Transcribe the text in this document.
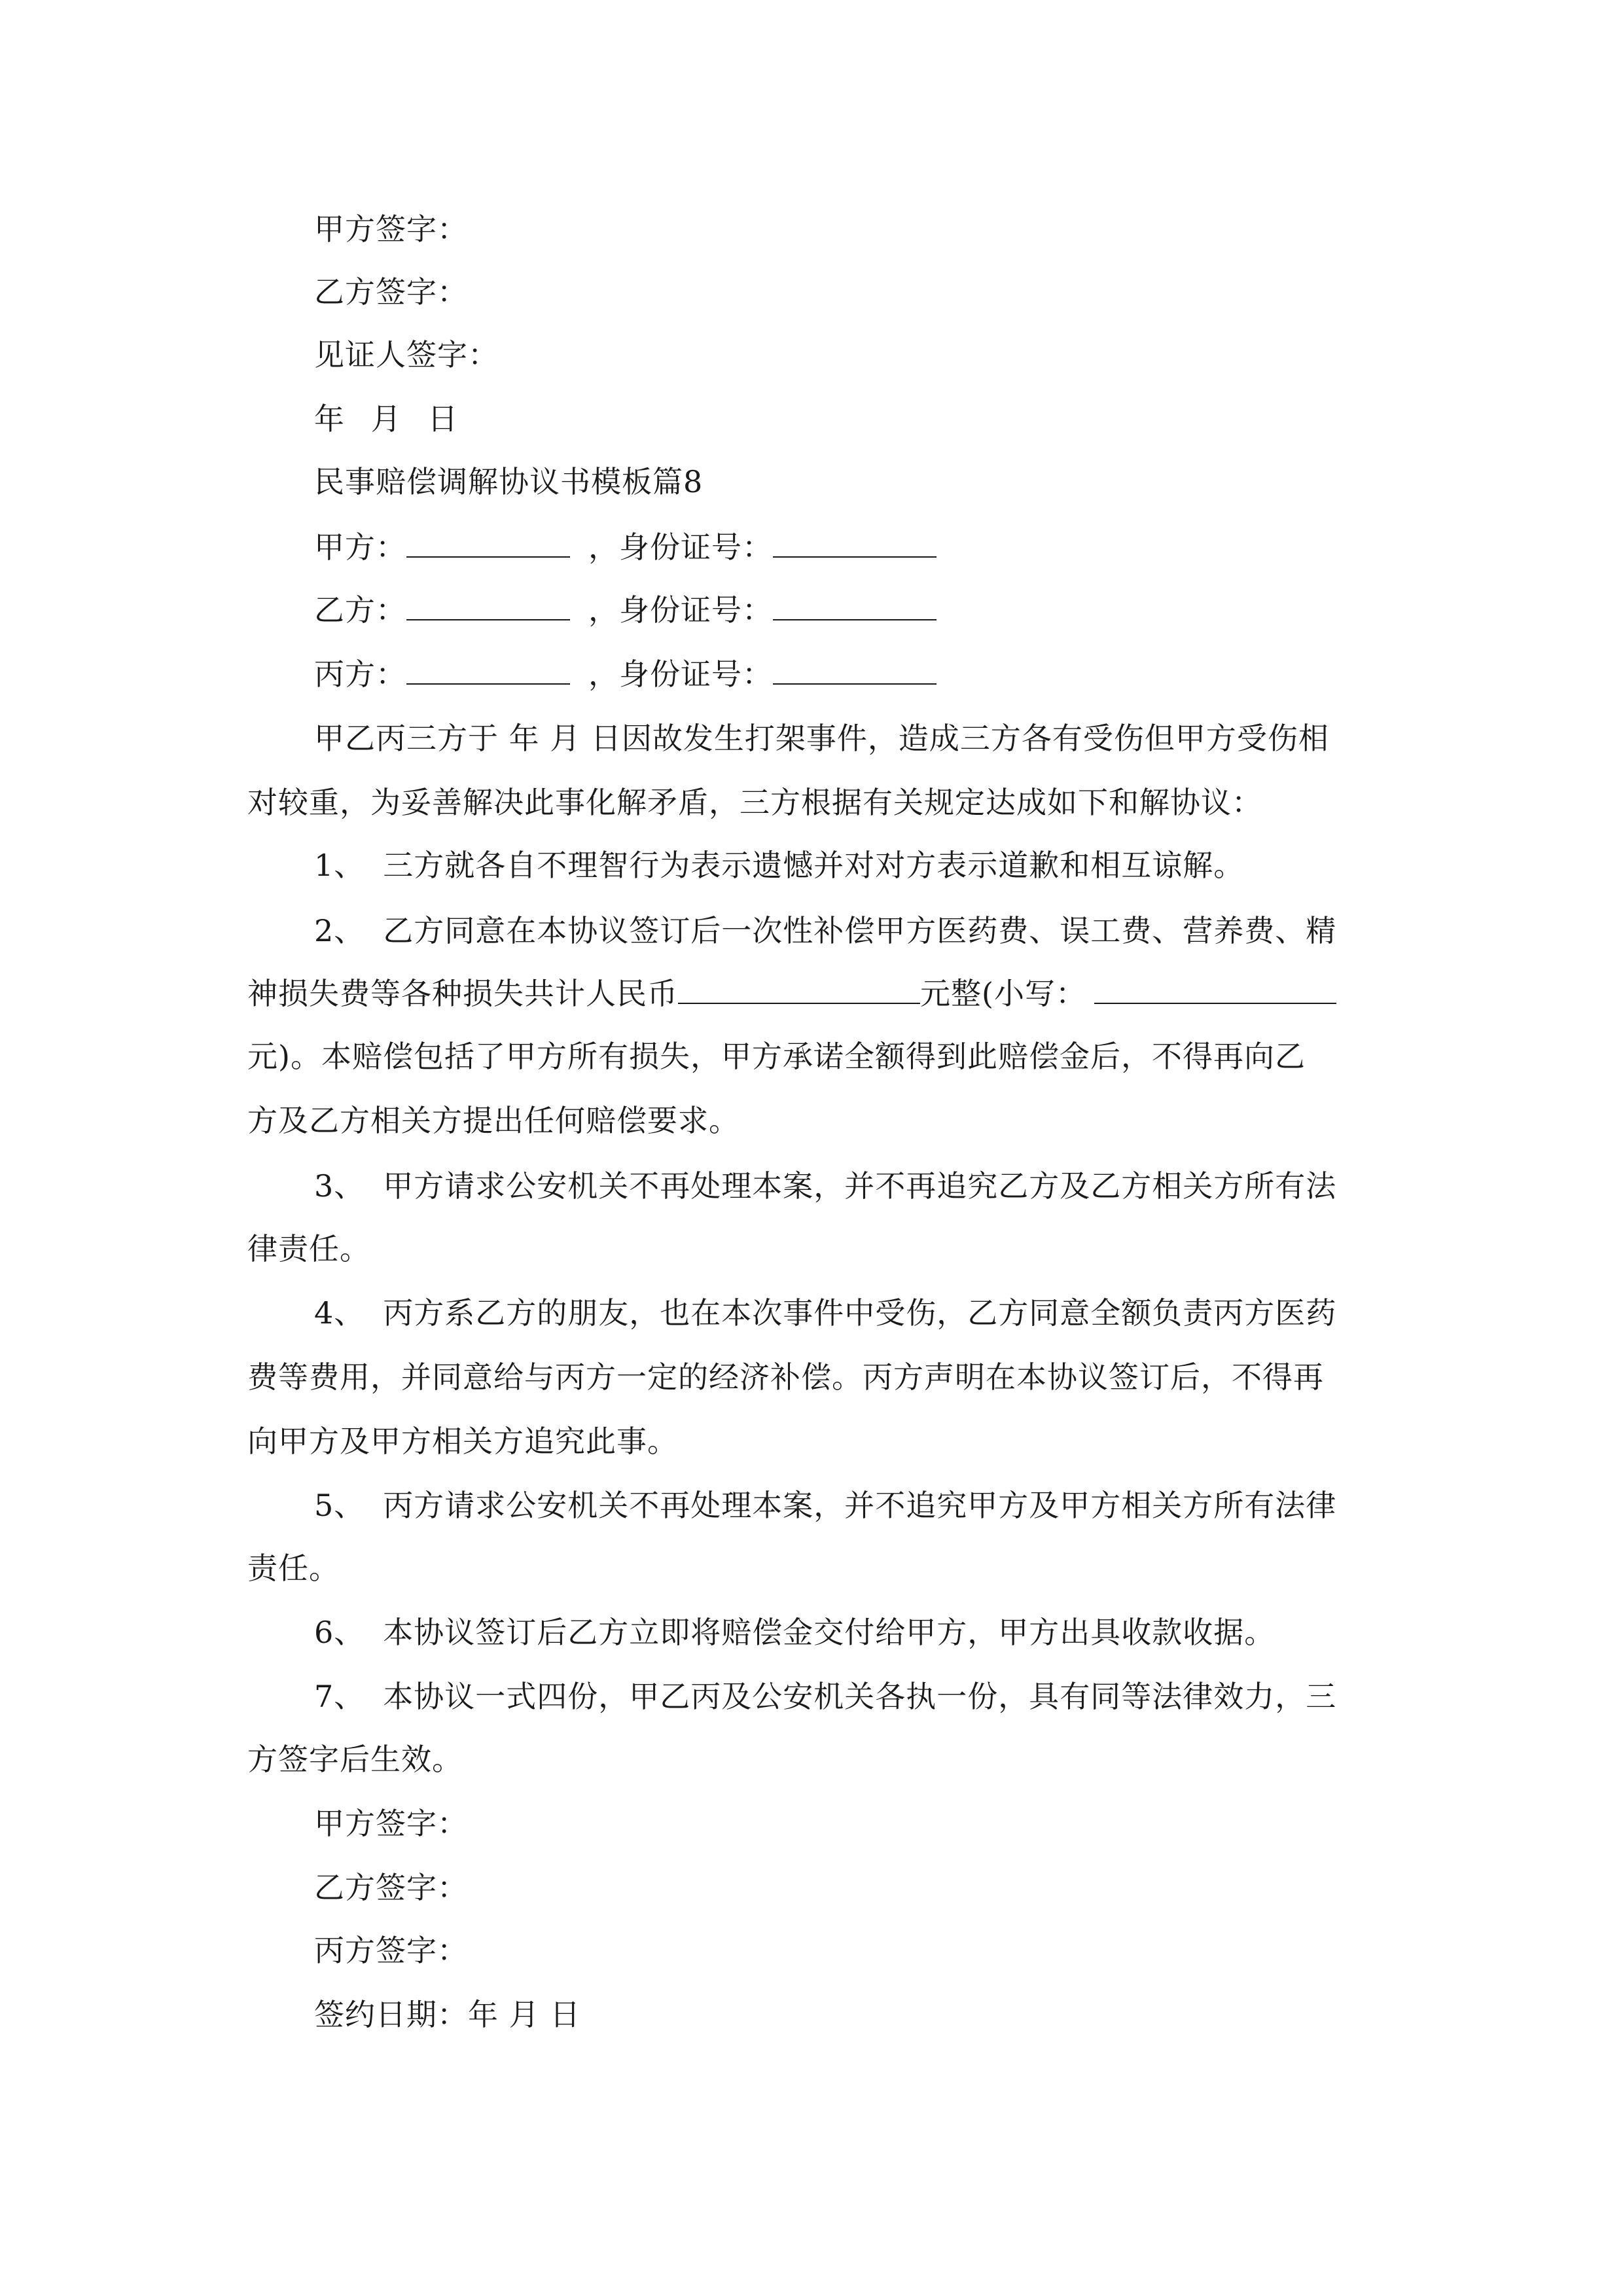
甲方签字：
乙方签字：
见证人签字：
年 月 日
民事赔偿调解协议书模板篇8
甲方：	，身份证号：
乙方：	，身份证号：
丙方：	，身份证号：
甲乙丙三方于 年 月 日因故发生打架事件，造成三方各有受伤但甲方受伤相
对较重，为妥善解决此事化解矛盾，三方根据有关规定达成如下和解协议：
1、 三方就各自不理智行为表示遗憾并对对方表示道歉和相互谅解。
2、 乙方同意在本协议签订后一次性补偿甲方医药费、误工费、营养费、精
神损失费等各种损失共计人民币	元整(小写：
元)。本赔偿包括了甲方所有损失，甲方承诺全额得到此赔偿金后，不得再向乙
方及乙方相关方提出任何赔偿要求。
3、 甲方请求公安机关不再处理本案，并不再追究乙方及乙方相关方所有法
律责任。
4、 丙方系乙方的朋友，也在本次事件中受伤，乙方同意全额负责丙方医药
费等费用，并同意给与丙方一定的经济补偿。丙方声明在本协议签订后，不得再
向甲方及甲方相关方追究此事。
5、 丙方请求公安机关不再处理本案，并不追究甲方及甲方相关方所有法律
责任。
6、 本协议签订后乙方立即将赔偿金交付给甲方，甲方出具收款收据。
7、 本协议一式四份，甲乙丙及公安机关各执一份，具有同等法律效力，三
方签字后生效。
甲方签字：
乙方签字：
丙方签字：
签约日期：年 月 日
